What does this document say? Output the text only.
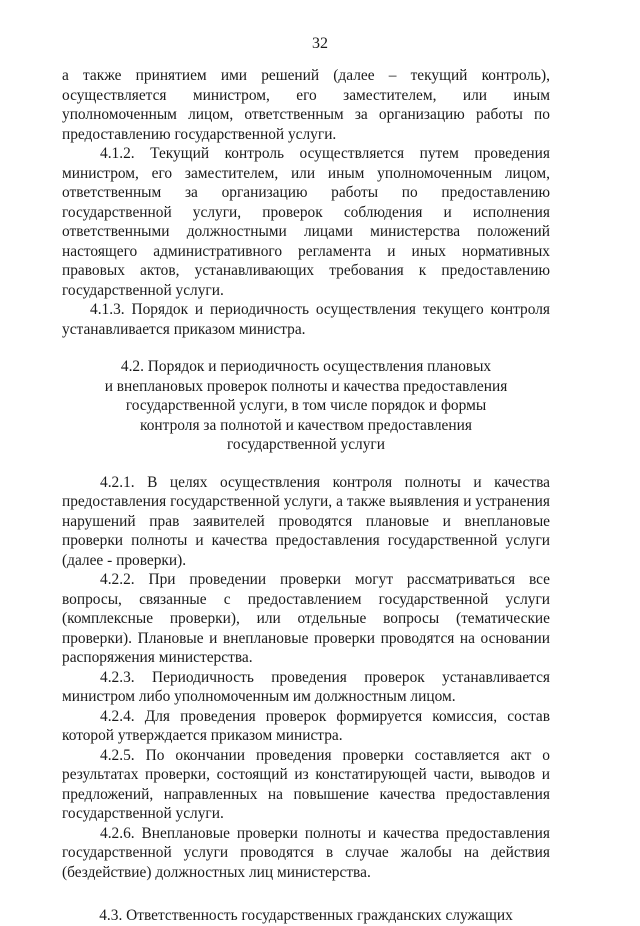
32

а также принятием ими решений (далее – текущий контроль), осуществляется министром, его заместителем, или иным уполномоченным лицом, ответственным за организацию работы по предоставлению государственной услуги.

4.1.2. Текущий контроль осуществляется путем проведения министром, его заместителем, или иным уполномоченным лицом, ответственным за организацию работы по предоставлению государственной услуги, проверок соблюдения и исполнения ответственными должностными лицами министерства положений настоящего административного регламента и иных нормативных правовых актов, устанавливающих требования к предоставлению государственной услуги.

4.1.3. Порядок и периодичность осуществления текущего контроля устанавливается приказом министра.

4.2. Порядок и периодичность осуществления плановых
и внеплановых проверок полноты и качества предоставления
государственной услуги, в том числе порядок и формы
контроля за полнотой и качеством предоставления
государственной услуги

4.2.1. В целях осуществления контроля полноты и качества предоставления государственной услуги, а также выявления и устранения нарушений прав заявителей проводятся плановые и внеплановые проверки полноты и качества предоставления государственной услуги (далее - проверки).

4.2.2. При проведении проверки могут рассматриваться все вопросы, связанные с предоставлением государственной услуги (комплексные проверки), или отдельные вопросы (тематические проверки). Плановые и внеплановые проверки проводятся на основании распоряжения министерства.

4.2.3. Периодичность проведения проверок устанавливается министром либо уполномоченным им должностным лицом.

4.2.4. Для проведения проверок формируется комиссия, состав которой утверждается приказом министра.

4.2.5. По окончании проведения проверки составляется акт о результатах проверки, состоящий из констатирующей части, выводов и предложений, направленных на повышение качества предоставления государственной услуги.

4.2.6. Внеплановые проверки полноты и качества предоставления государственной услуги проводятся в случае жалобы на действия (бездействие) должностных лиц министерства.

4.3. Ответственность государственных гражданских служащих
